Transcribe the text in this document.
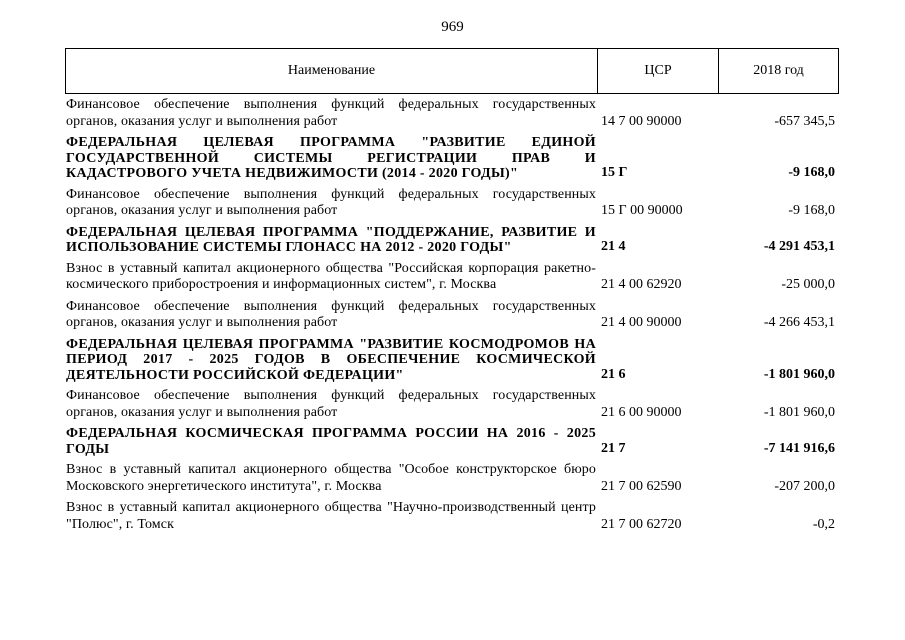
969
Наименование	ЦСР	2018 год
Финансовое обеспечение выполнения функций федеральных государственных органов, оказания услуг и выполнения работ	14 7 00 90000	-657 345,5
ФЕДЕРАЛЬНАЯ ЦЕЛЕВАЯ ПРОГРАММА "РАЗВИТИЕ ЕДИНОЙ ГОСУДАРСТВЕННОЙ СИСТЕМЫ РЕГИСТРАЦИИ ПРАВ И КАДАСТРОВОГО УЧЕТА НЕДВИЖИМОСТИ (2014 - 2020 ГОДЫ)"	15 Г	-9 168,0
Финансовое обеспечение выполнения функций федеральных государственных органов, оказания услуг и выполнения работ	15 Г 00 90000	-9 168,0
ФЕДЕРАЛЬНАЯ ЦЕЛЕВАЯ ПРОГРАММА "ПОДДЕРЖАНИЕ, РАЗВИТИЕ И ИСПОЛЬЗОВАНИЕ СИСТЕМЫ ГЛОНАСС НА 2012 - 2020 ГОДЫ"	21 4	-4 291 453,1
Взнос в уставный капитал акционерного общества "Российская корпорация ракетно-космического приборостроения и информационных систем", г. Москва	21 4 00 62920	-25 000,0
Финансовое обеспечение выполнения функций федеральных государственных органов, оказания услуг и выполнения работ	21 4 00 90000	-4 266 453,1
ФЕДЕРАЛЬНАЯ ЦЕЛЕВАЯ ПРОГРАММА "РАЗВИТИЕ КОСМОДРОМОВ НА ПЕРИОД 2017 - 2025 ГОДОВ В ОБЕСПЕЧЕНИЕ КОСМИЧЕСКОЙ ДЕЯТЕЛЬНОСТИ РОССИЙСКОЙ ФЕДЕРАЦИИ"	21 6	-1 801 960,0
Финансовое обеспечение выполнения функций федеральных государственных органов, оказания услуг и выполнения работ	21 6 00 90000	-1 801 960,0
ФЕДЕРАЛЬНАЯ КОСМИЧЕСКАЯ ПРОГРАММА РОССИИ НА 2016 - 2025 ГОДЫ	21 7	-7 141 916,6
Взнос в уставный капитал акционерного общества "Особое конструкторское бюро Московского энергетического института", г. Москва	21 7 00 62590	-207 200,0
Взнос в уставный капитал акционерного общества "Научно-производственный центр "Полюс", г. Томск	21 7 00 62720	-0,2
